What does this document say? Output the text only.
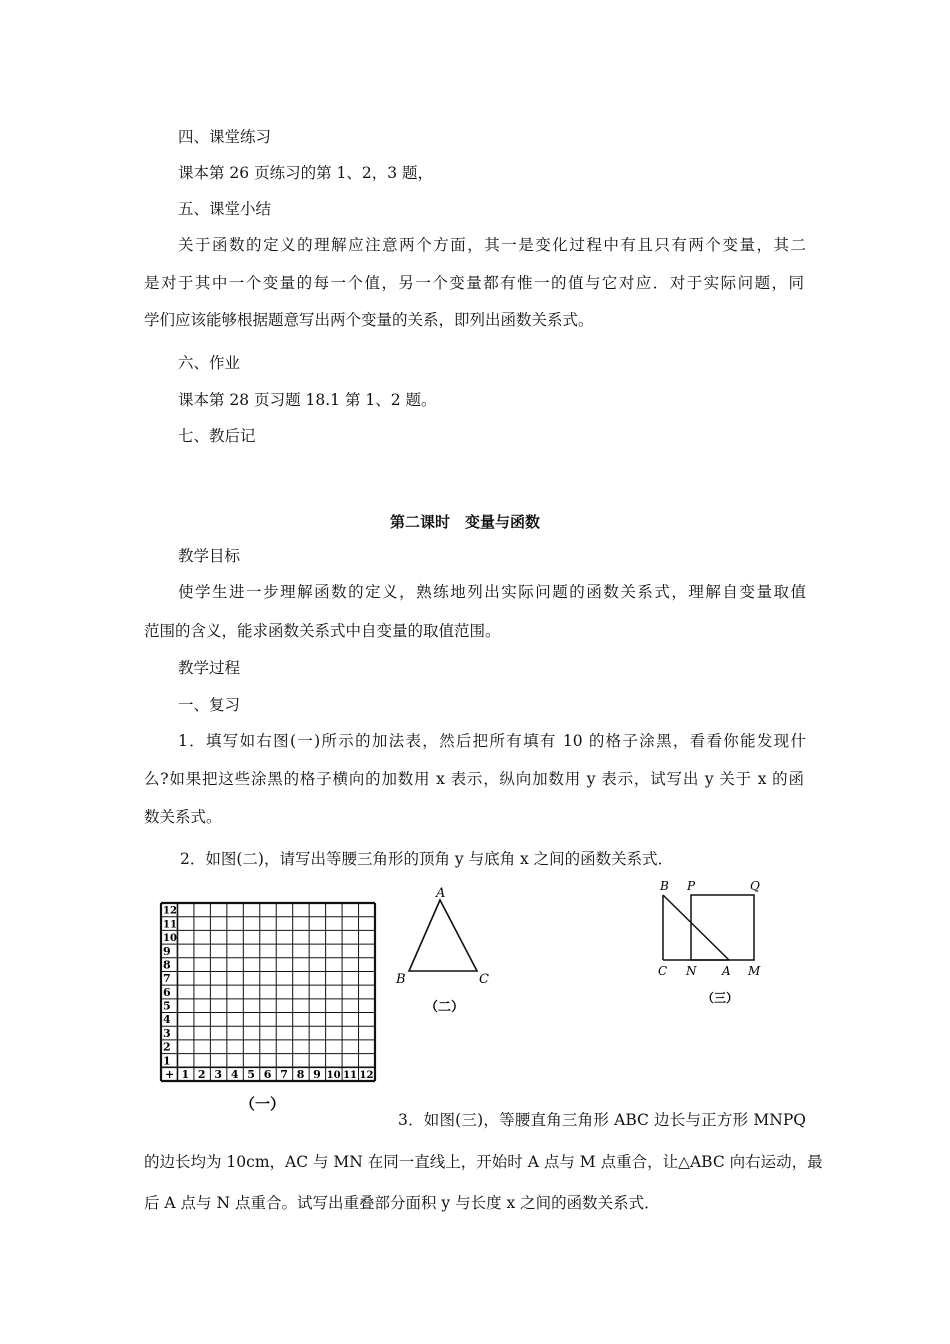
四、课堂练习
课本第 26 页练习的第 1、2，3 题，
五、课堂小结
关于函数的定义的理解应注意两个方面，其一是变化过程中有且只有两个变量，其二
是对于其中一个变量的每一个值，另一个变量都有惟一的值与它对应．对于实际问题，同
学们应该能够根据题意写出两个变量的关系，即列出函数关系式。
六、作业
课本第 28 页习题 18.1 第 1、2 题。
七、教后记
第二课时　变量与函数
教学目标
使学生进一步理解函数的定义，熟练地列出实际问题的函数关系式，理解自变量取值
范围的含义，能求函数关系式中自变量的取值范围。
教学过程
一、复习
1．填写如右图(一)所示的加法表，然后把所有填有 10 的格子涂黑，看看你能发现什
么?如果把这些涂黑的格子横向的加数用 x 表示，纵向加数用 y 表示，试写出 y 关于 x 的函
数关系式。
2．如图(二)，请写出等腰三角形的顶角 y 与底角 x 之间的函数关系式．
12
11
10
9
8
7
6
5
4
3
2
1
+ 1 2 3 4 5 6 7 8 9 10 11 12
（一）
A
B	C
（二）
B P	Q
C N A M
（三）
3．如图(三)，等腰直角三角形 ABC 边长与正方形 MNPQ
的边长均为 10cm，AC 与 MN 在同一直线上，开始时 A 点与 M 点重合，让△ABC 向右运动，最
后 A 点与 N 点重合。试写出重叠部分面积 y 与长度 x 之间的函数关系式．
